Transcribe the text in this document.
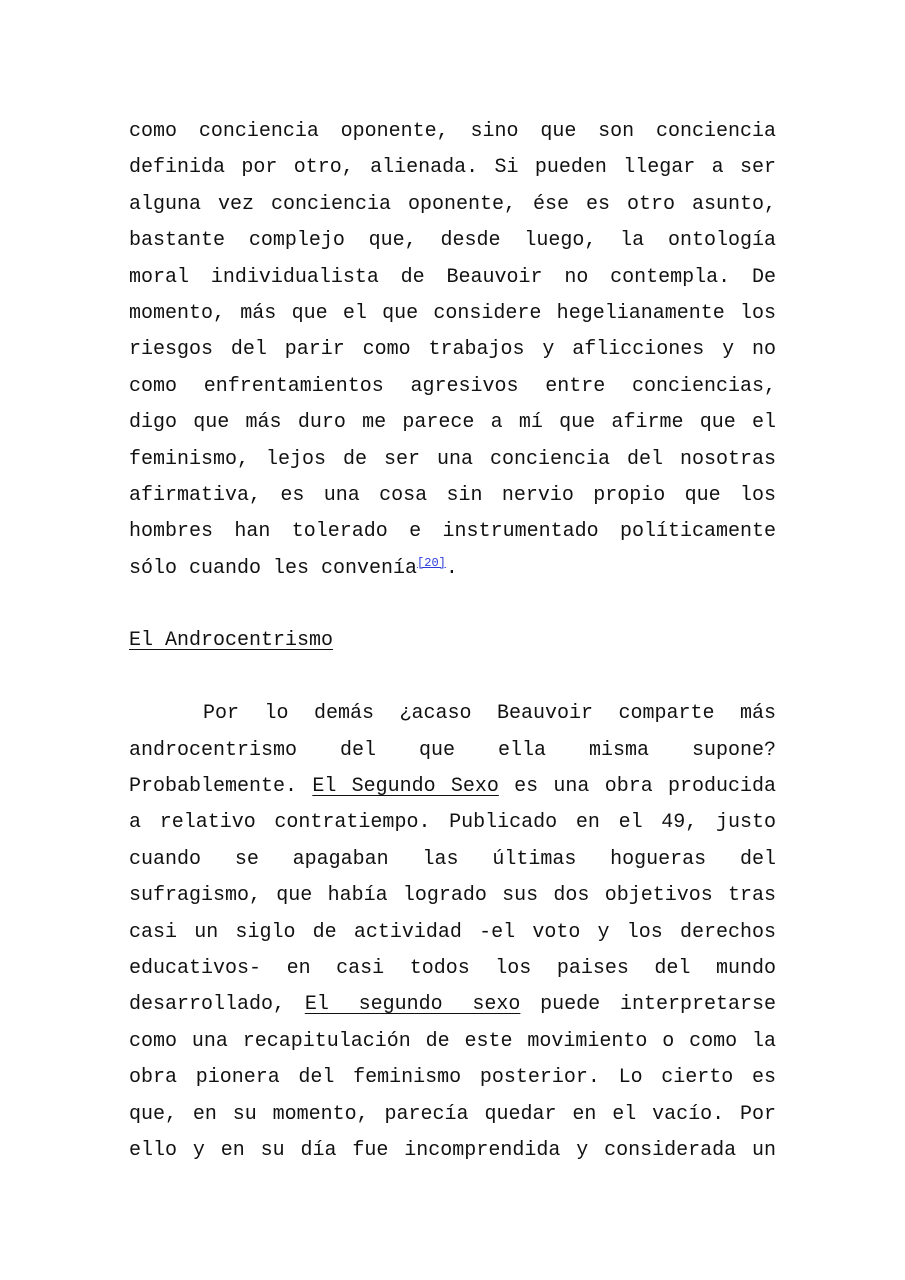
como conciencia oponente, sino que son conciencia
definida por otro, alienada. Si pueden llegar a ser
alguna vez conciencia oponente, ése es otro asunto,
bastante complejo que, desde luego, la ontología
moral individualista de Beauvoir no contempla. De
momento, más que el que considere hegelianamente los
riesgos del parir como trabajos y aflicciones y no
como enfrentamientos agresivos entre conciencias,
digo que más duro me parece a mí que afirme que el
feminismo, lejos de ser una conciencia del nosotras
afirmativa, es una cosa sin nervio propio que los
hombres han tolerado e instrumentado políticamente
sólo cuando les convenía[20].
El Androcentrismo
Por lo demás ¿acaso Beauvoir comparte más
androcentrismo del que ella misma supone?
Probablemente. El Segundo Sexo es una obra producida
a relativo contratiempo. Publicado en el 49, justo
cuando se apagaban las últimas hogueras del
sufragismo, que había logrado sus dos objetivos tras
casi un siglo de actividad -el voto y los derechos
educativos- en casi todos los paises del mundo
desarrollado, El segundo sexo puede interpretarse
como una recapitulación de este movimiento o como la
obra pionera del feminismo posterior. Lo cierto es
que, en su momento, parecía quedar en el vacío. Por
ello y en su día fue incomprendida y considerada un
